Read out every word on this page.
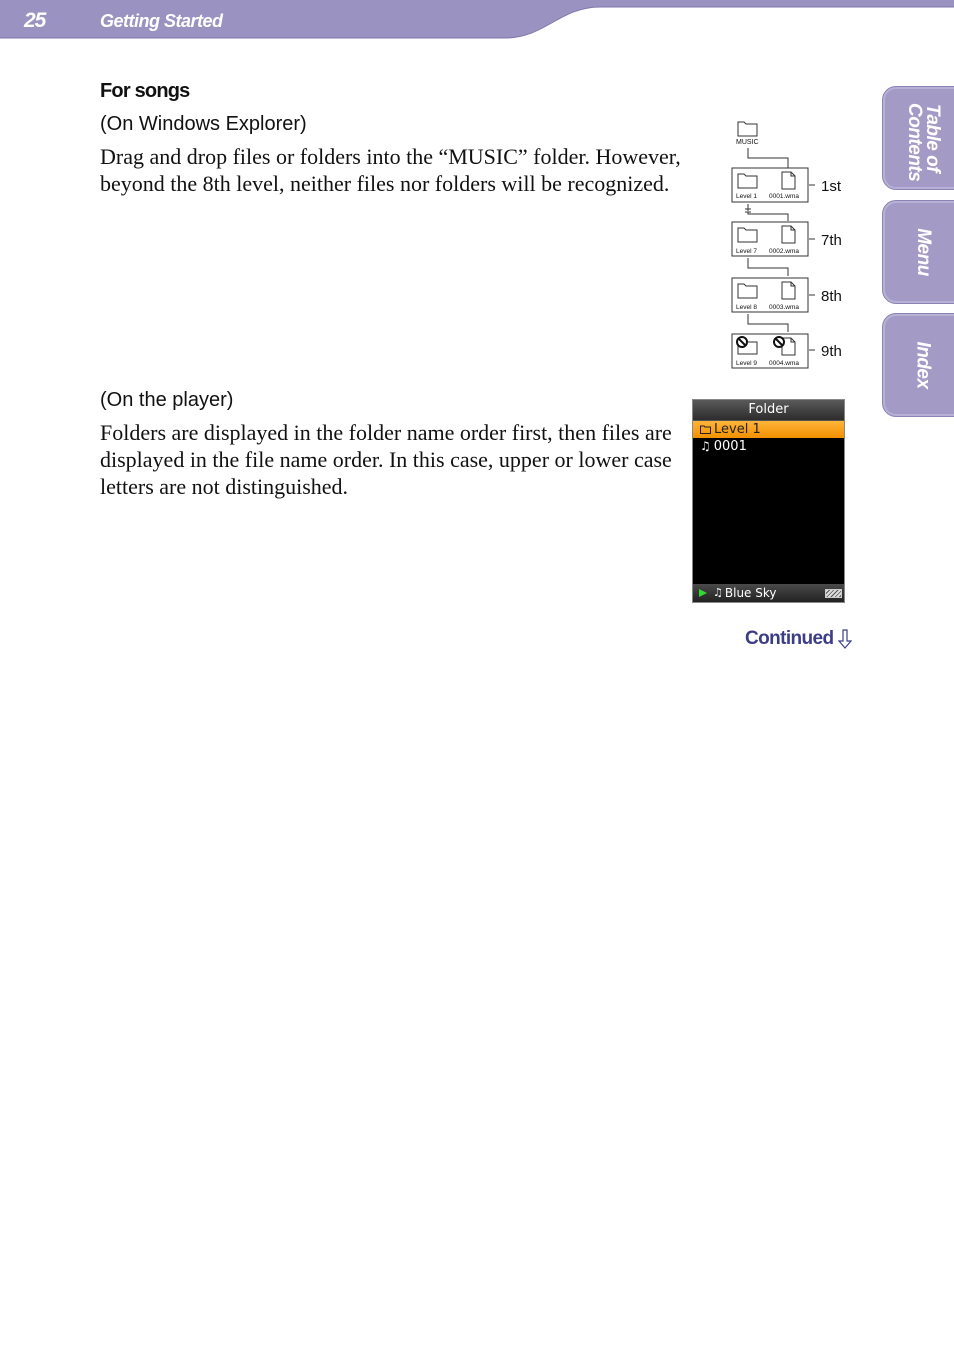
25	Getting Started
Table of Contents
Menu
Index
For songs
(On Windows Explorer)
Drag and drop files or folders into the “MUSIC” folder. However, beyond the 8th level, neither files nor folders will be recognized.
MUSIC
Level 1 0001.wma
1st
Level 7 0002.wma
7th
Level 8 0003.wma
8th
Level 9 0004.wma
9th
(On the player)
Folders are displayed in the folder name order first, then files are displayed in the file name order. In this case, upper or lower case letters are not distinguished.
Folder
Level 1
♫ 0001
♫ Blue Sky
Continued
